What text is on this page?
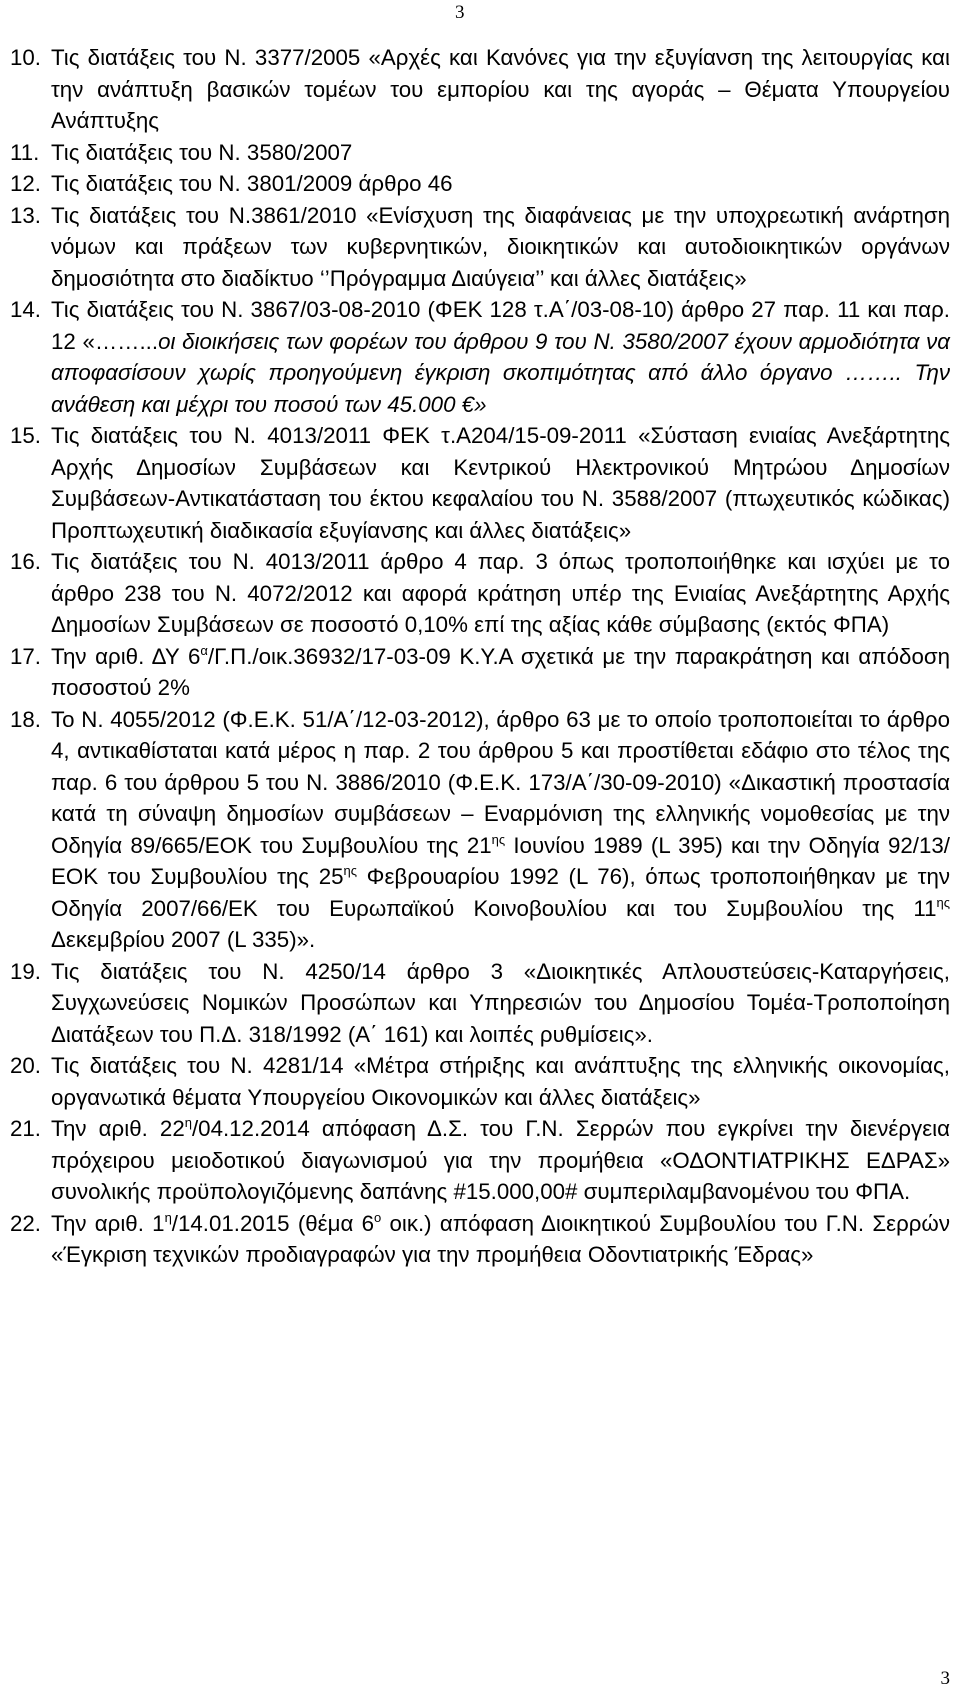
3
10. Τις διατάξεις του Ν. 3377/2005 «Αρχές και Κανόνες για την εξυγίανση της λειτουργίας και την ανάπτυξη βασικών τομέων του εμπορίου και της αγοράς – Θέματα Υπουργείου Ανάπτυξης
11. Τις διατάξεις του Ν. 3580/2007
12. Τις διατάξεις του Ν. 3801/2009 άρθρο 46
13. Τις διατάξεις του Ν.3861/2010 «Ενίσχυση της διαφάνειας με την υποχρεωτική ανάρτηση νόμων και πράξεων των κυβερνητικών, διοικητικών και αυτοδιοικητικών οργάνων δημοσιότητα στο διαδίκτυο ‘’Πρόγραμμα Διαύγεια’’ και άλλες διατάξεις»
14. Τις διατάξεις του Ν. 3867/03-08-2010 (ΦΕΚ 128 τ.Α΄/03-08-10) άρθρο 27 παρ. 11 και παρ. 12 «……...οι διοικήσεις των φορέων του άρθρου 9 του Ν. 3580/2007 έχουν αρμοδιότητα να αποφασίσουν χωρίς προηγούμενη έγκριση σκοπιμότητας από άλλο όργανο …….. Την ανάθεση και μέχρι του ποσού των 45.000 €»
15. Τις διατάξεις του Ν. 4013/2011 ΦΕΚ τ.Α204/15-09-2011 «Σύσταση ενιαίας Ανεξάρτητης Αρχής Δημοσίων Συμβάσεων και Κεντρικού Ηλεκτρονικού Μητρώου Δημοσίων Συμβάσεων-Αντικατάσταση του έκτου κεφαλαίου του Ν. 3588/2007 (πτωχευτικός κώδικας) Προπτωχευτική διαδικασία εξυγίανσης και άλλες διατάξεις»
16. Τις διατάξεις του Ν. 4013/2011 άρθρο 4 παρ. 3 όπως τροποποιήθηκε και ισχύει με το άρθρο 238 του Ν. 4072/2012 και αφορά κράτηση υπέρ της Ενιαίας Ανεξάρτητης Αρχής Δημοσίων Συμβάσεων σε ποσοστό 0,10% επί της αξίας κάθε σύμβασης (εκτός ΦΠΑ)
17. Την αριθ. ΔΥ $6^\alpha/\Gamma.\Pi./o\iota\kappa.36932/17-03-09$ Κ.Υ.Α σχετικά με την παρακράτηση και απόδοση ποσοστού 2%
18. Το Ν. 4055/2012 (Φ.Ε.Κ. 51/Α΄/12-03-2012), άρθρο 63 με το οποίο τροποποιείται το άρθρο 4, αντικαθίσταται κατά μέρος η παρ. 2 του άρθρου 5 και προστίθεται εδάφιο στο τέλος της παρ. 6 του άρθρου 5 του Ν. 3886/2010 (Φ.Ε.Κ. 173/Α΄/30-09-2010) «Δικαστική προστασία κατά τη σύναψη δημοσίων συμβάσεων – Εναρμόνιση της ελληνικής νομοθεσίας με την Οδηγία 89/665/ΕΟΚ του Συμβουλίου της $21^{\eta\varsigma}$ Ιουνίου 1989 (L 395) και την Οδηγία 92/13/ΕΟΚ του Συμβουλίου της $25^{\eta\varsigma}$ Φεβρουαρίου 1992 (L 76), όπως τροποποιήθηκαν με την Οδηγία 2007/66/ΕΚ του Ευρωπαϊκού Κοινοβουλίου και του Συμβουλίου της $11^{\eta\varsigma}$ Δεκεμβρίου 2007 (L 335)».
19. Τις διατάξεις του Ν. 4250/14 άρθρο 3 «Διοικητικές Απλουστεύσεις-Καταργήσεις, Συγχωνεύσεις Νομικών Προσώπων και Υπηρεσιών του Δημοσίου Τομέα-Τροποποίηση Διατάξεων του Π.Δ. 318/1992 (Α΄ 161) και λοιπές ρυθμίσεις».
20. Τις διατάξεις του Ν. 4281/14 «Μέτρα στήριξης και ανάπτυξης της ελληνικής οικονομίας, οργανωτικά θέματα Υπουργείου Οικονομικών και άλλες διατάξεις»
21. Την αριθ. $22^\eta/04.12.2014$ απόφαση Δ.Σ. του Γ.Ν. Σερρών που εγκρίνει την διενέργεια πρόχειρου μειοδοτικού διαγωνισμού για την προμήθεια «ΟΔΟΝΤΙΑΤΡΙΚΗΣ ΕΔΡΑΣ» συνολικής προϋπολογιζόμενης δαπάνης #15.000,00# συμπεριλαμβανομένου του ΦΠΑ.
22. Την αριθ. $1^\eta/14.01.2015$ (θέμα $6^o$ οικ.) απόφαση Διοικητικού Συμβουλίου του Γ.Ν. Σερρών «Έγκριση τεχνικών προδιαγραφών για την προμήθεια Οδοντιατρικής Έδρας»
3
